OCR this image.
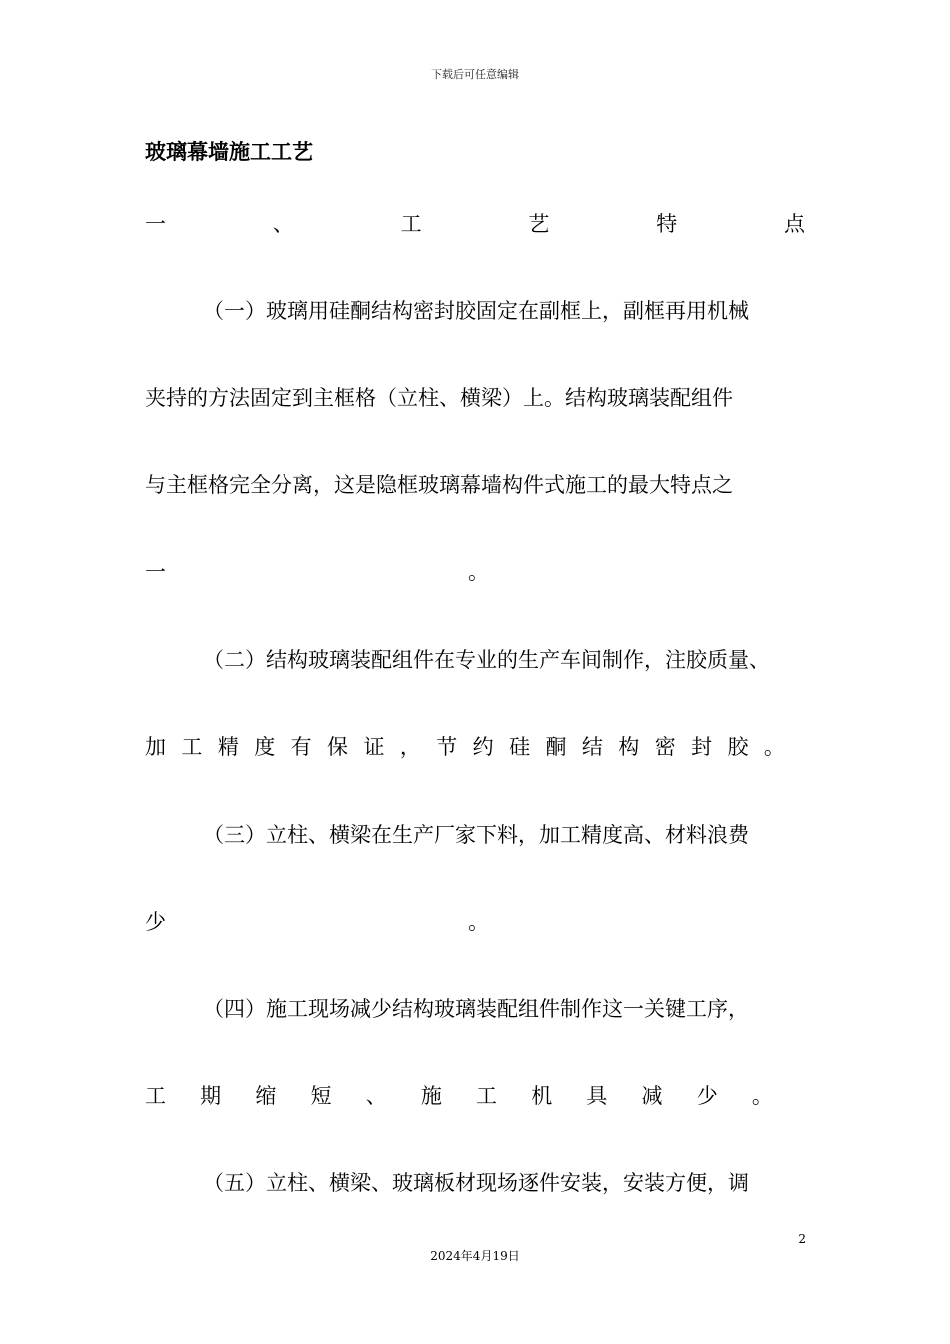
下载后可任意编辑
玻璃幕墙施工工艺
一	、	工	艺	特	点
（一）玻璃用硅酮结构密封胶固定在副框上，副框再用机械
夹持的方法固定到主框格（立柱、横梁）上。结构玻璃装配组件
与主框格完全分离，这是隐框玻璃幕墙构件式施工的最大特点之
一	。
（二）结构玻璃装配组件在专业的生产车间制作，注胶质量、
加 工 精 度 有 保 证 ， 节 约 硅 酮 结 构 密 封 胶 。
（三）立柱、横梁在生产厂家下料，加工精度高、材料浪费
少	。
（四）施工现场减少结构玻璃装配组件制作这一关键工序，
工 期 缩 短 、 施 工 机 具 减 少 。
（五）立柱、横梁、玻璃板材现场逐件安装，安装方便，调
2
2024年4月19日
